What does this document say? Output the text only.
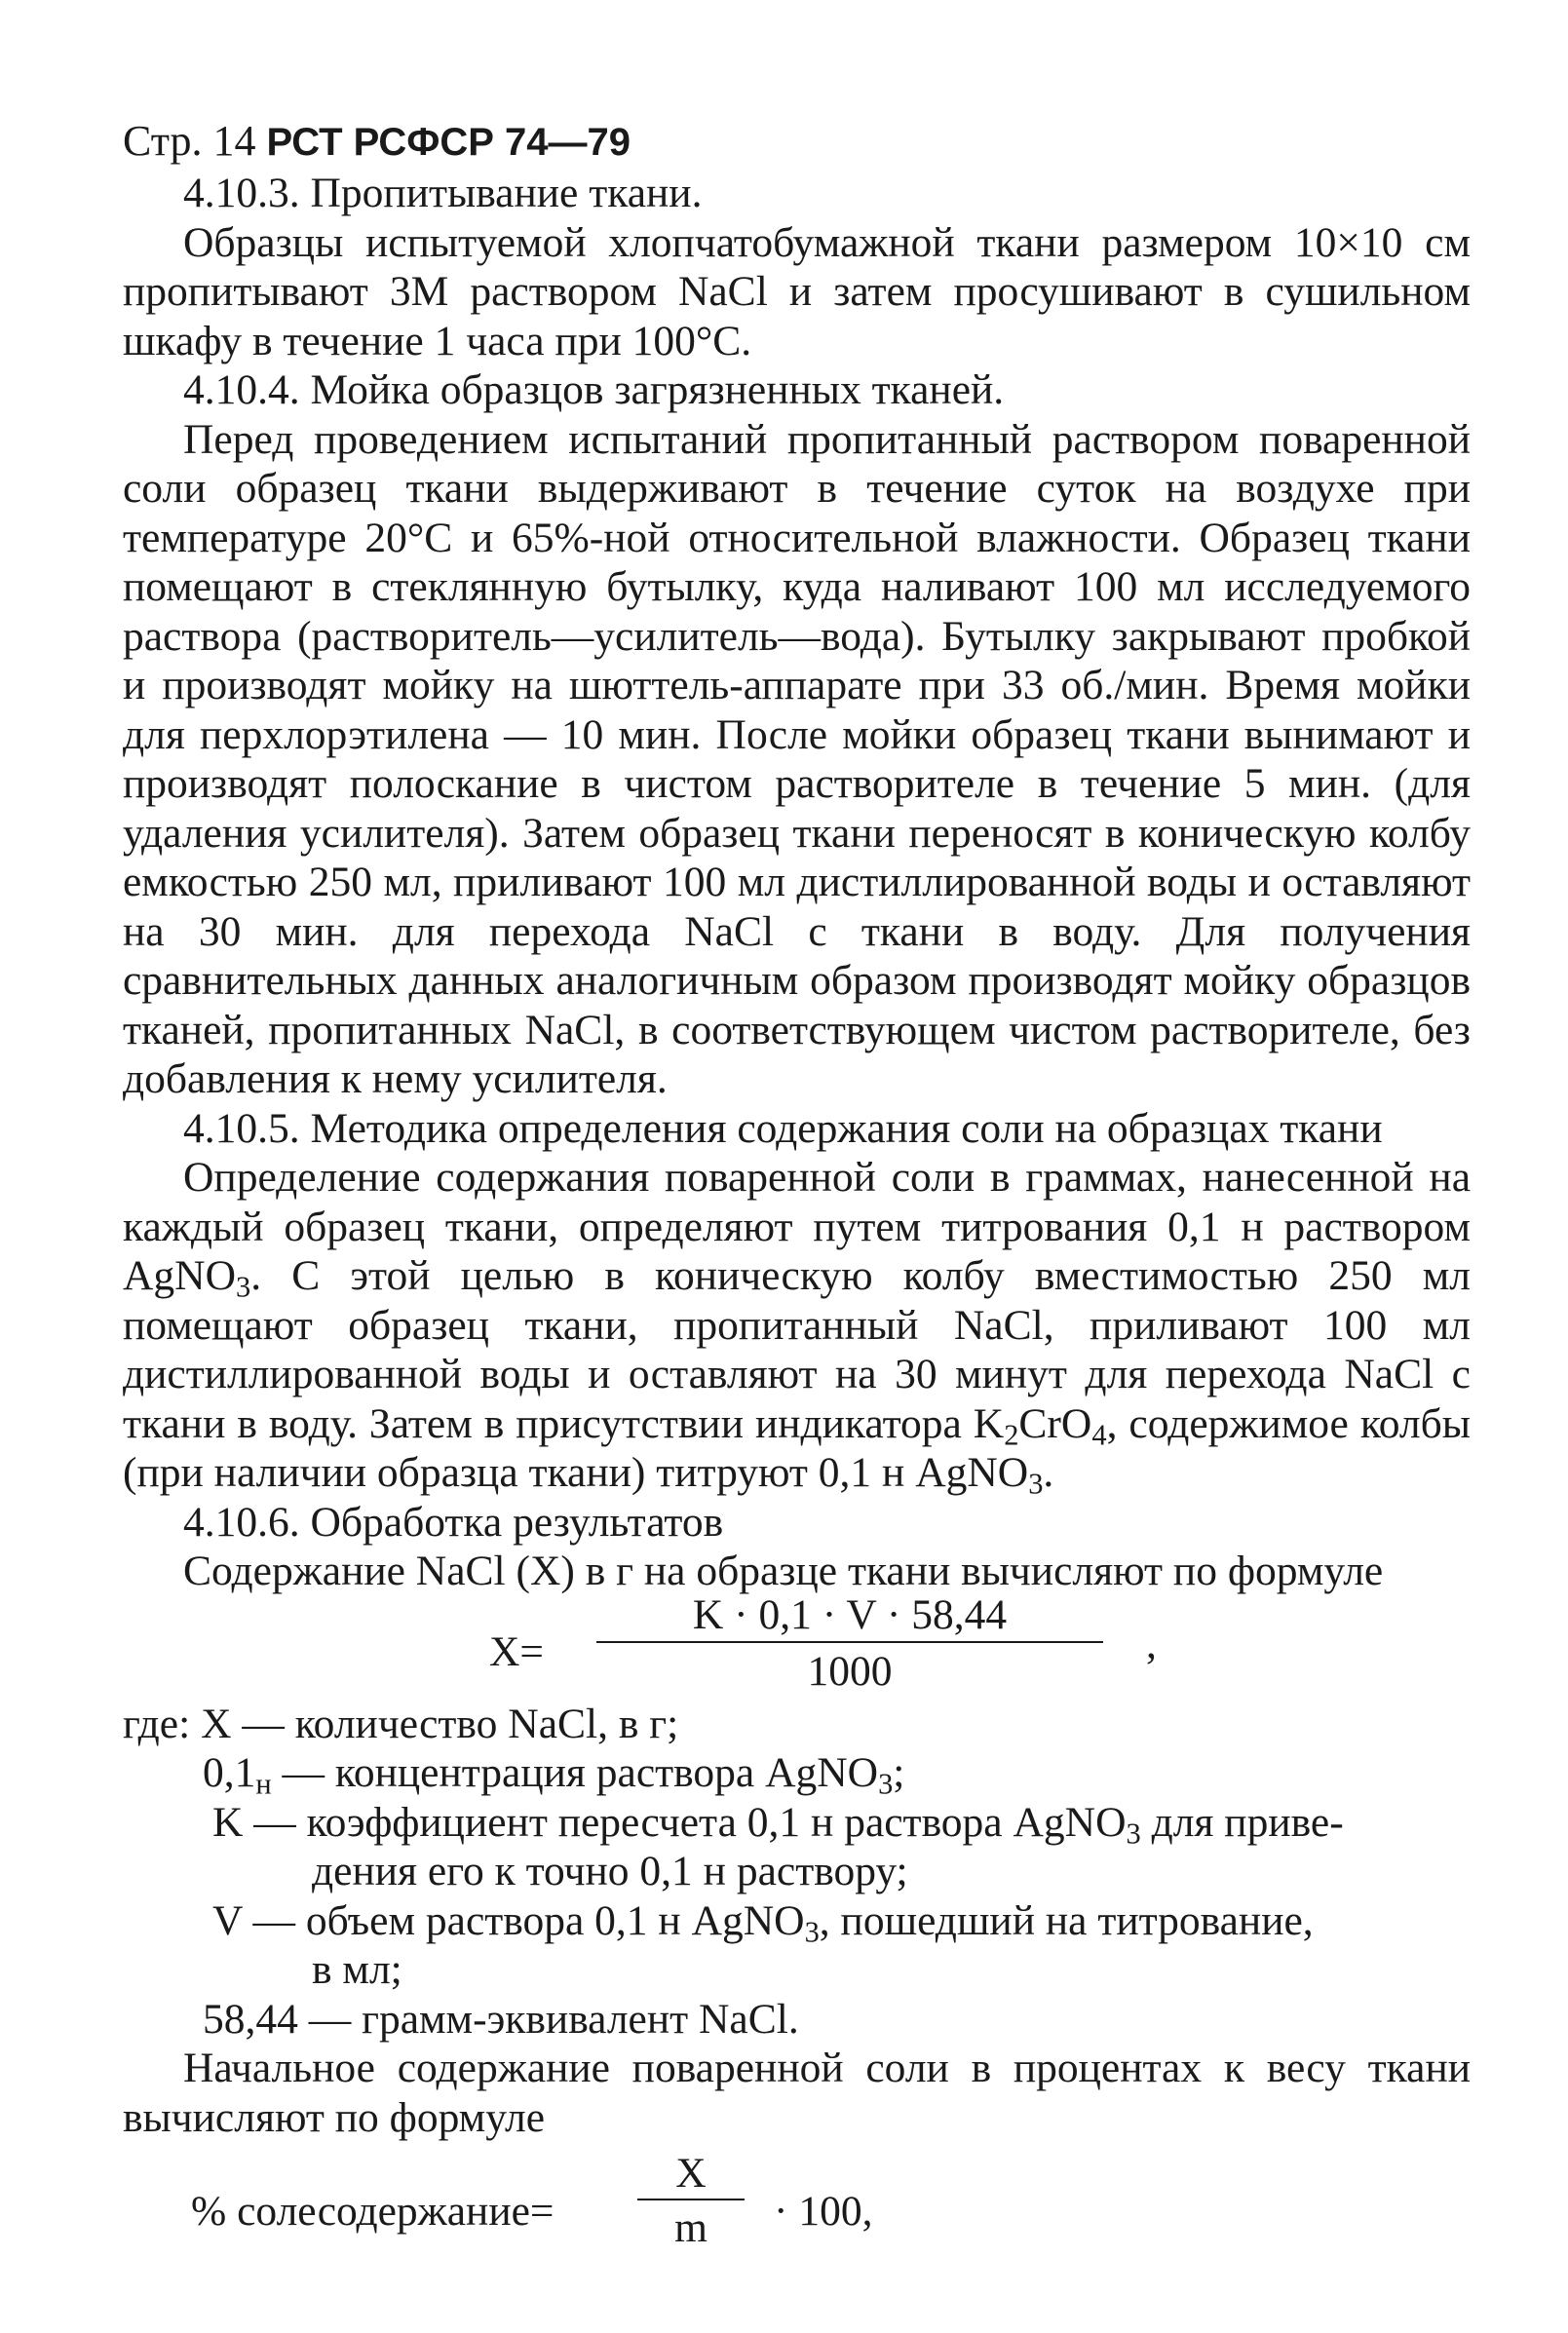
Стр. 14 РСТ РСФСР 74—79

4.10.3. Пропитывание ткани.

Образцы испытуемой хлопчатобумажной ткани размером 10×10 см пропитывают 3М раствором NaCl и затем просушивают в сушильном шкафу в течение 1 часа при 100°С.

4.10.4. Мойка образцов загрязненных тканей.

Перед проведением испытаний пропитанный раствором поваренной соли образец ткани выдерживают в течение суток на воздухе при температуре 20°С и 65%-ной относительной влажности. Образец ткани помещают в стеклянную бутылку, куда наливают 100 мл исследуемого раствора (растворитель—усилитель—вода). Бутылку закрывают пробкой и производят мойку на шюттель-аппарате при 33 об./мин. Время мойки для перхлорэтилена — 10 мин. После мойки образец ткани вынимают и производят полоскание в чистом растворителе в течение 5 мин. (для удаления усилителя). Затем образец ткани переносят в коническую колбу емкостью 250 мл, приливают 100 мл дистиллированной воды и оставляют на 30 мин. для перехода NaCl с ткани в воду. Для получения сравнительных данных аналогичным образом производят мойку образцов тканей, пропитанных NaCl, в соответствующем чистом растворителе, без добавления к нему усилителя.

4.10.5. Методика определения содержания соли на образцах ткани

Определение содержания поваренной соли в граммах, нанесенной на каждый образец ткани, определяют путем титрования 0,1 н раствором AgNO$_3$. С этой целью в коническую колбу вместимостью 250 мл помещают образец ткани, пропитанный NaCl, приливают 100 мл дистиллированной воды и оставляют на 30 минут для перехода NaCl с ткани в воду. Затем в присутствии индикатора $K_2CrO_4$, содержимое колбы (при наличии образца ткани) титруют 0,1 н AgNO$_3$.

4.10.6. Обработка результатов

Содержание NaCl (X) в г на образце ткани вычисляют по формуле

X=
K · 0,1 · V · 58,44
1000
,

где: X — количество NaCl, в г;

$0,1_н$ — концентрация раствора AgNO$_3$;

K — коэффициент пересчета 0,1 н раствора AgNO$_3$ для приве-
дения его к точно 0,1 н раствору;

V — объем раствора 0,1 н AgNO$_3$, пошедший на титрование,
в мл;

58,44 — грамм-эквивалент NaCl.

Начальное содержание поваренной соли в процентах к весу ткани вычисляют по формуле

% солесодержание=
X
m	· 100,
